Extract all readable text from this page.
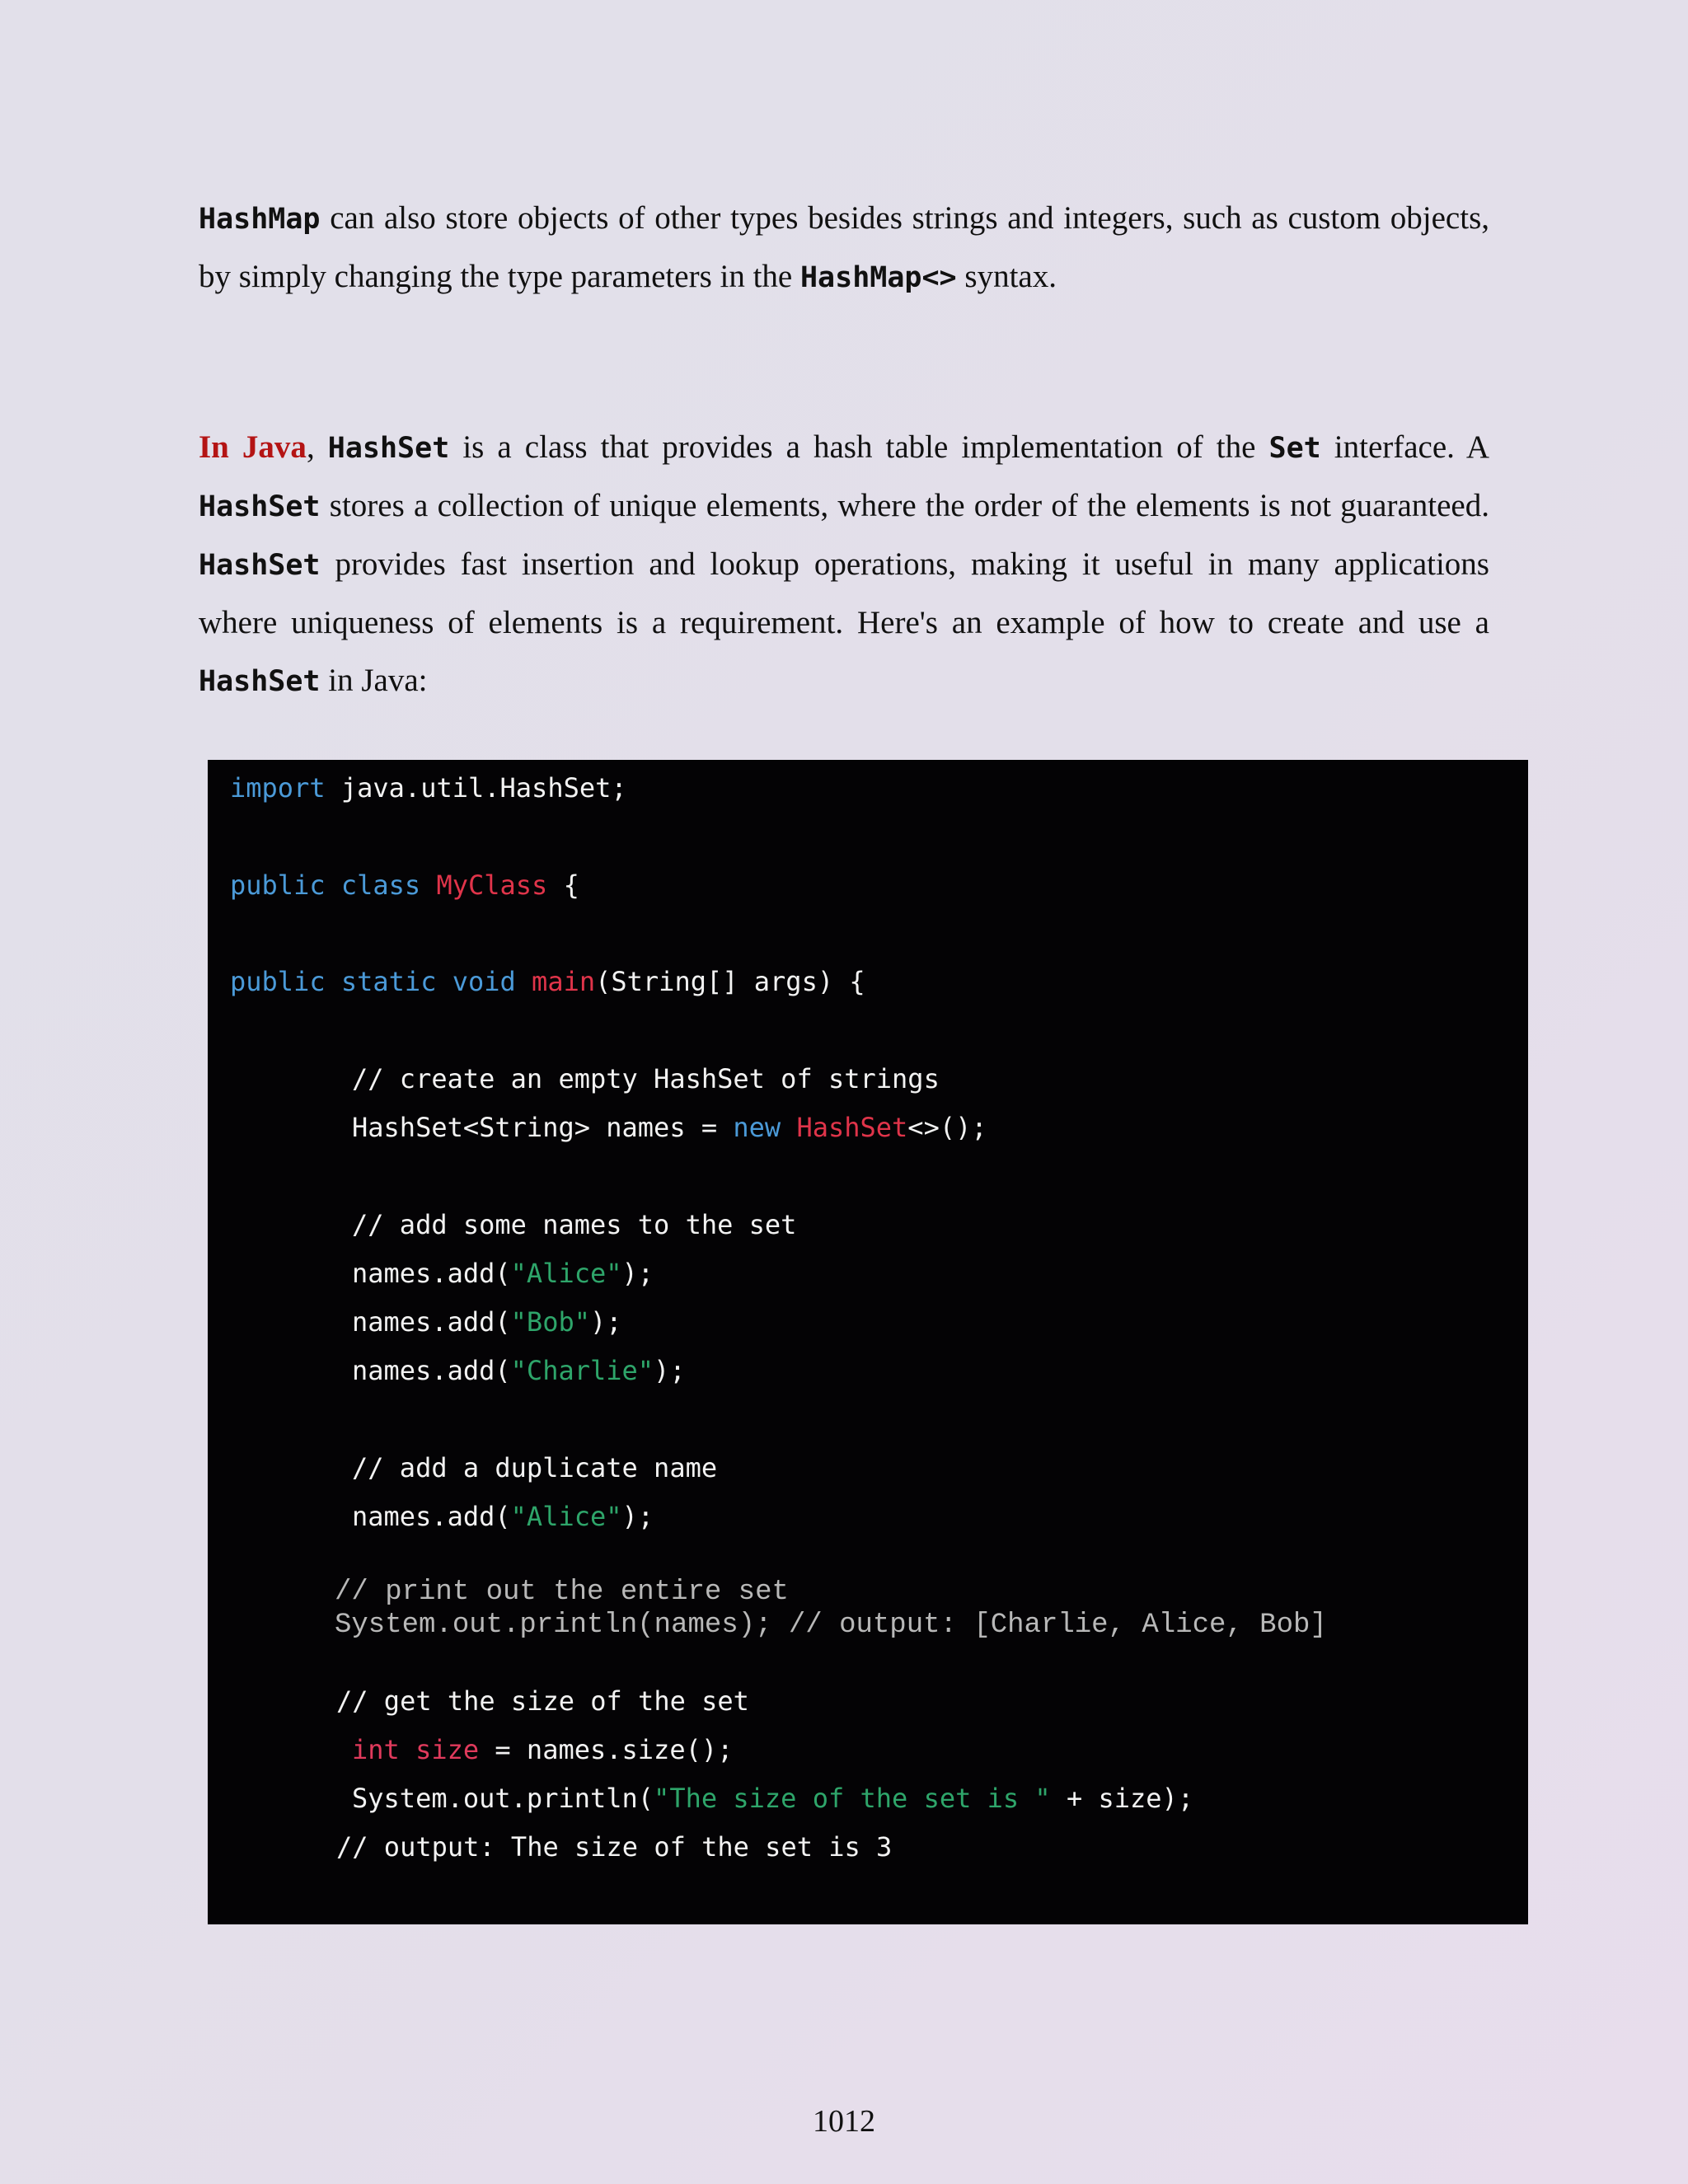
HashMap can also store objects of other types besides strings and integers, such as custom objects, by simply changing the type parameters in the HashMap<> syntax.

In Java, HashSet is a class that provides a hash table implementation of the Set interface. A HashSet stores a collection of unique elements, where the order of the elements is not guaranteed. HashSet provides fast insertion and lookup operations, making it useful in many applications where uniqueness of elements is a requirement. Here's an example of how to create and use a HashSet in Java:

import java.util.HashSet;
public class MyClass {
public static void main(String[] args) {
// create an empty HashSet of strings
HashSet<String> names = new HashSet<>();
// add some names to the set
names.add("Alice");
names.add("Bob");
names.add("Charlie");
// add a duplicate name
names.add("Alice");
// print out the entire set
System.out.println(names); // output: [Charlie, Alice, Bob]
// get the size of the set
int size = names.size();
System.out.println("The size of the set is " + size);
// output: The size of the set is 3
1012
